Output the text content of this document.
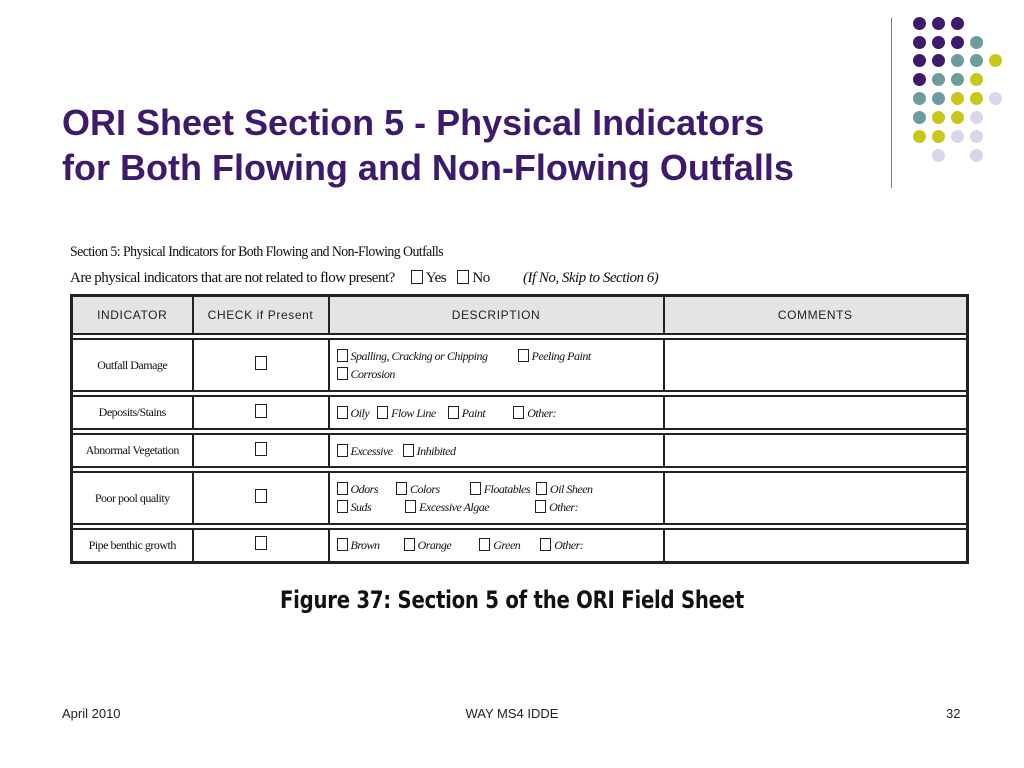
ORI Sheet Section 5 - Physical Indicators
for Both Flowing and Non-Flowing Outfalls
Section 5: Physical Indicators for Both Flowing and Non-Flowing Outfalls
Are physical indicators that are not related to flow present? Yes No (If No, Skip to Section 6)
INDICATOR	CHECK if Present	DESCRIPTION	COMMENTS

Outfall Damage		Spalling, Cracking or Chipping Peeling Paint
Corrosion	

Deposits/Stains		Oily Flow Line Paint Other:	

Abnormal Vegetation		Excessive Inhibited	

Poor pool quality		Odors Colors Floatables Oil Sheen
Suds Excessive Algae Other:	

Pipe benthic growth		Brown Orange Green Other:	

Figure 37: Section 5 of the ORI Field Sheet
April 2010	WAY MS4 IDDE	32
